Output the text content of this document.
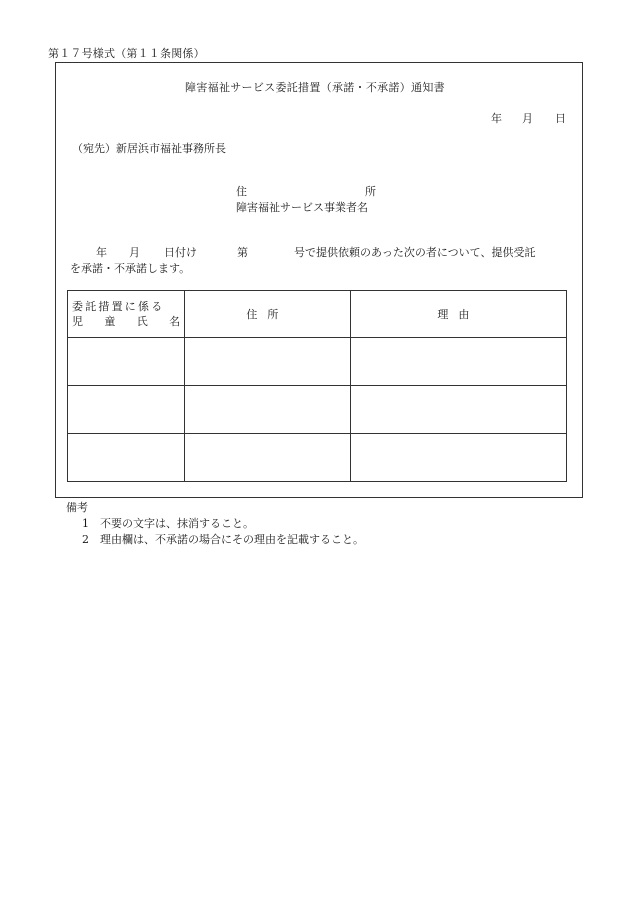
第１７号様式（第１１条関係）
障害福祉サービス委託措置（承諾・不承諾）通知書
年 月 日
（宛先）新居浜市福祉事務所長
住	所
障害福祉サービス事業者名
年 月 日付け	第	号で提供依頼のあった次の者について、提供受託
を承諾・不承諾します。
委託措置に係る
児 童 氏 名	住所	理由

備考
1	不要の文字は、抹消すること。
2	理由欄は、不承諾の場合にその理由を記載すること。
